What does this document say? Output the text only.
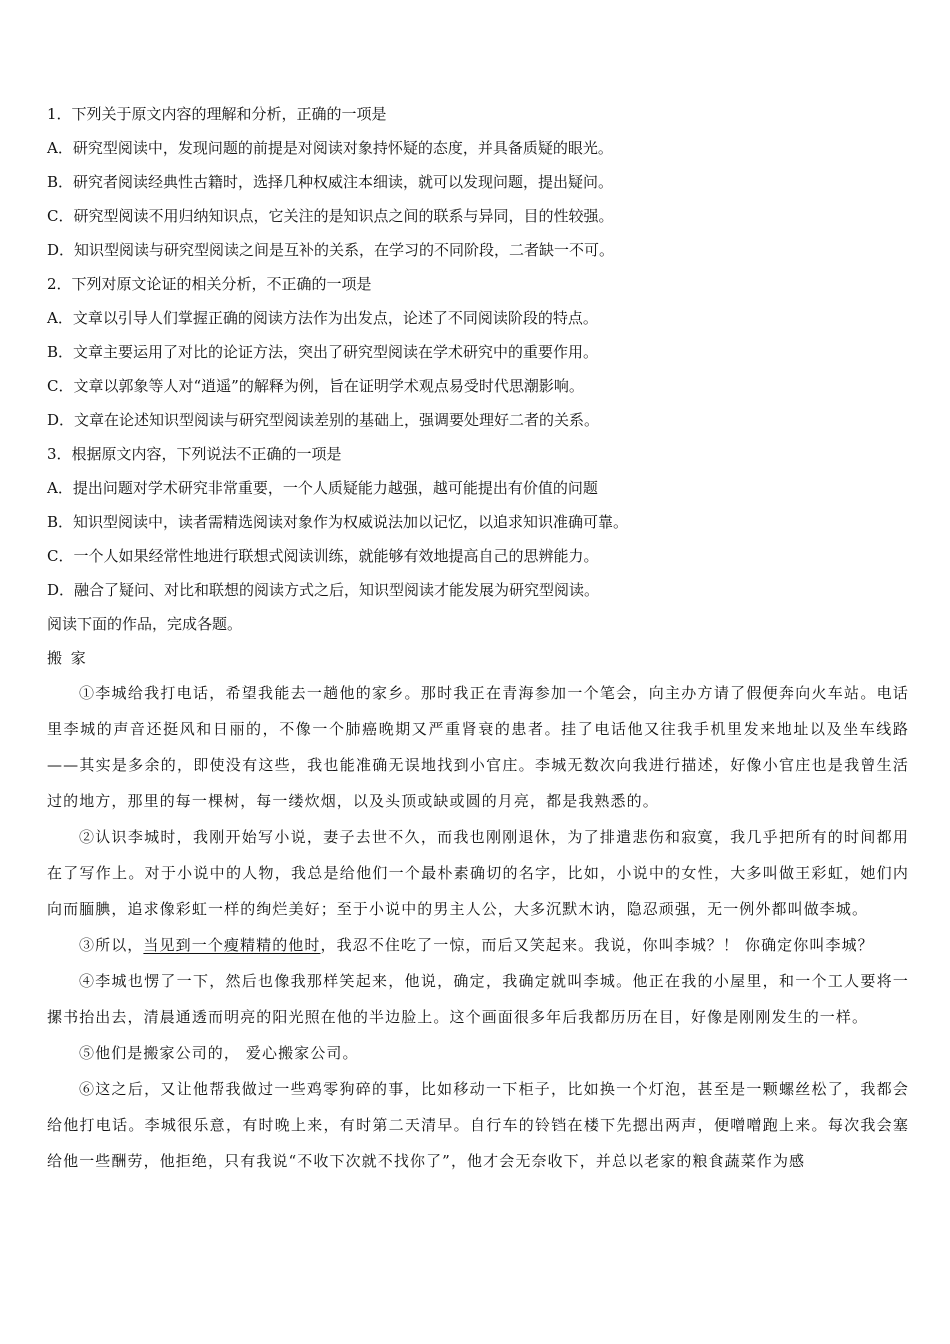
1．下列关于原文内容的理解和分析，正确的一项是
A．研究型阅读中，发现问题的前提是对阅读对象持怀疑的态度，并具备质疑的眼光。
B．研究者阅读经典性古籍时，选择几种权威注本细读，就可以发现问题，提出疑问。
C．研究型阅读不用归纳知识点，它关注的是知识点之间的联系与异同，目的性较强。
D．知识型阅读与研究型阅读之间是互补的关系，在学习的不同阶段，二者缺一不可。
2．下列对原文论证的相关分析，不正确的一项是
A．文章以引导人们掌握正确的阅读方法作为出发点，论述了不同阅读阶段的特点。
B．文章主要运用了对比的论证方法，突出了研究型阅读在学术研究中的重要作用。
C．文章以郭象等人对“逍遥”的解释为例，旨在证明学术观点易受时代思潮影响。
D．文章在论述知识型阅读与研究型阅读差别的基础上，强调要处理好二者的关系。
3．根据原文内容，下列说法不正确的一项是
A．提出问题对学术研究非常重要，一个人质疑能力越强，越可能提出有价值的问题
B．知识型阅读中，读者需精选阅读对象作为权威说法加以记忆，以追求知识准确可靠。
C．一个人如果经常性地进行联想式阅读训练，就能够有效地提高自己的思辨能力。
D．融合了疑问、对比和联想的阅读方式之后，知识型阅读才能发展为研究型阅读。
阅读下面的作品，完成各题。
搬 家

①李城给我打电话，希望我能去一趟他的家乡。那时我正在青海参加一个笔会，向主办方请了假便奔向火车站。电话里李城的声音还挺风和日丽的，不像一个肺癌晚期又严重肾衰的患者。挂了电话他又往我手机里发来地址以及坐车线路——其实是多余的，即使没有这些，我也能准确无误地找到小官庄。李城无数次向我进行描述，好像小官庄也是我曾生活过的地方，那里的每一棵树，每一缕炊烟，以及头顶或缺或圆的月亮，都是我熟悉的。

②认识李城时，我刚开始写小说，妻子去世不久，而我也刚刚退休，为了排遣悲伤和寂寞，我几乎把所有的时间都用在了写作上。对于小说中的人物，我总是给他们一个最朴素确切的名字，比如，小说中的女性，大多叫做王彩虹，她们内向而腼腆，追求像彩虹一样的绚烂美好；至于小说中的男主人公，大多沉默木讷，隐忍顽强，无一例外都叫做李城。

③所以，当见到一个瘦精精的他时，我忍不住吃了一惊，而后又笑起来。我说，你叫李城？！ 你确定你叫李城？

④李城也愣了一下，然后也像我那样笑起来，他说，确定，我确定就叫李城。他正在我的小屋里，和一个工人要将一摞书抬出去，清晨通透而明亮的阳光照在他的半边脸上。这个画面很多年后我都历历在目，好像是刚刚发生的一样。

⑤他们是搬家公司的， 爱心搬家公司。

⑥这之后，又让他帮我做过一些鸡零狗碎的事，比如移动一下柜子，比如换一个灯泡，甚至是一颗螺丝松了，我都会给他打电话。李城很乐意，有时晚上来，有时第二天清早。自行车的铃铛在楼下先摁出两声，便噌噌跑上来。每次我会塞给他一些酬劳，他拒绝，只有我说“不收下次就不找你了”，他才会无奈收下，并总以老家的粮食蔬菜作为感
